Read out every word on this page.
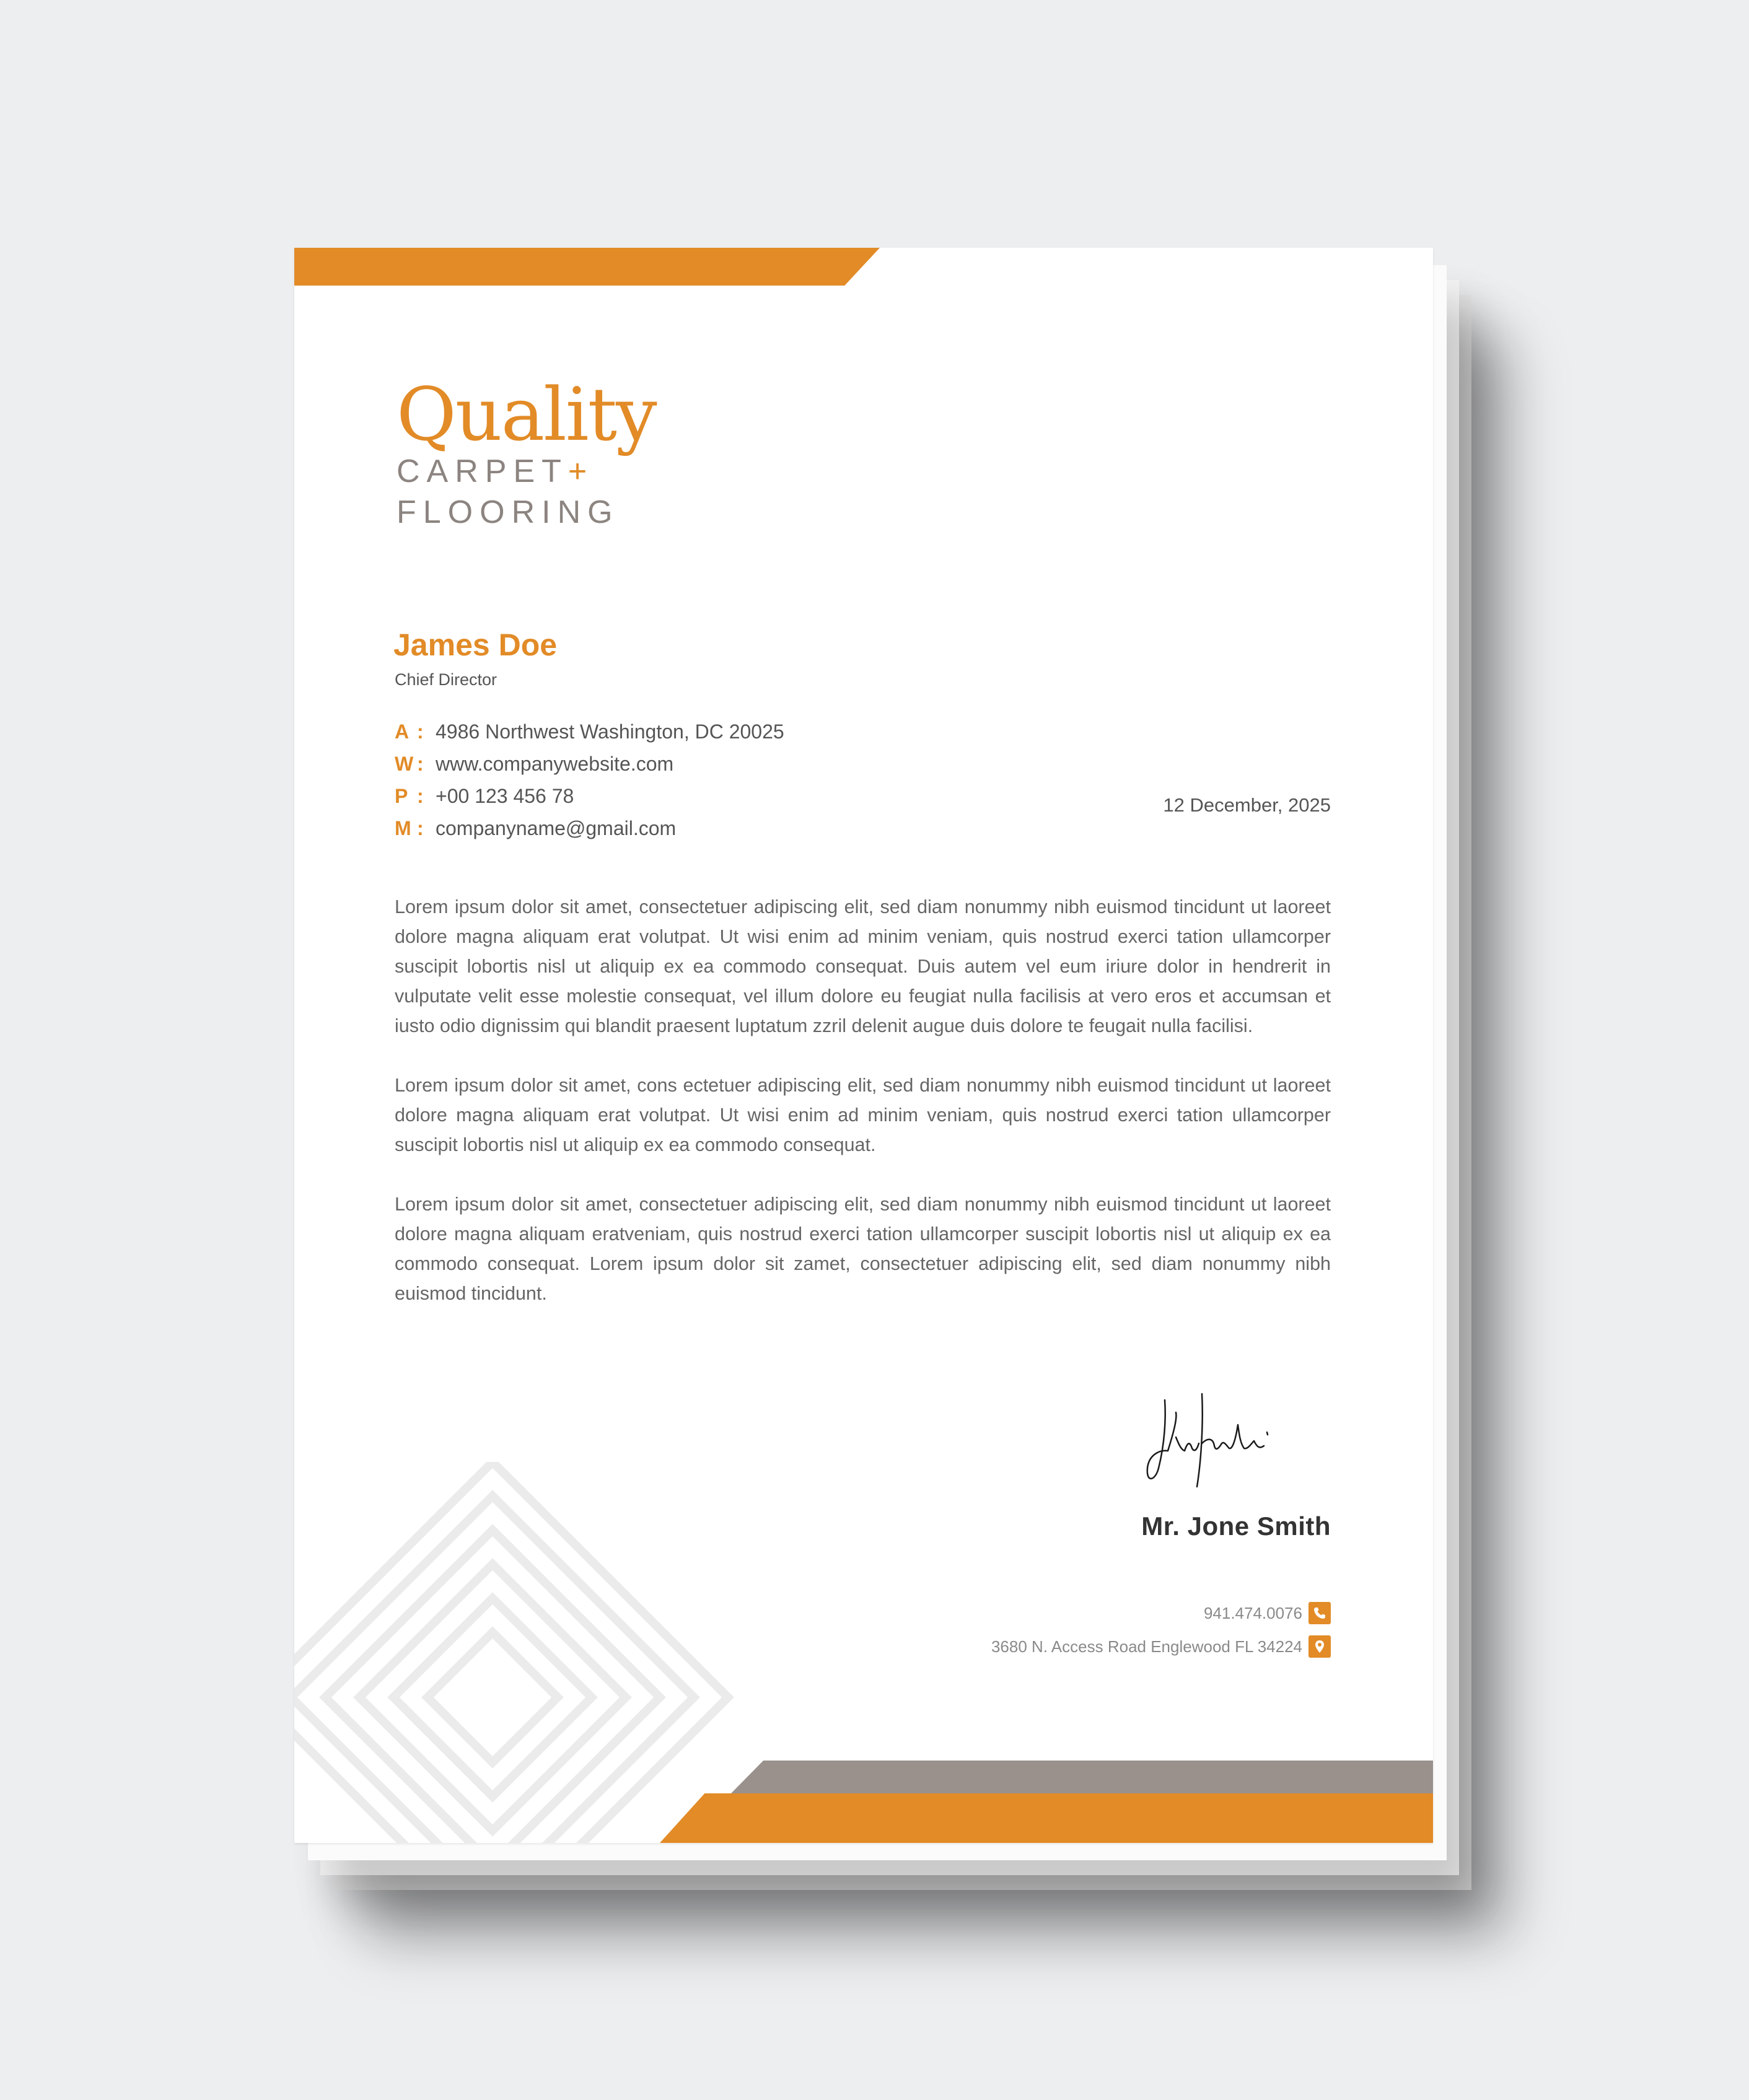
Quality
CARPET+
FLOORING
James Doe
Chief Director
A : 4986 Northwest Washington, DC 20025
W : www.companywebsite.com
P : +00 123 456 78
M : companyname@gmail.com
12 December, 2025

Lorem ipsum dolor sit amet, consectetuer adipiscing elit, sed diam nonummy nibh euismod tincidunt ut laoreet dolore magna aliquam erat volutpat. Ut wisi enim ad minim veniam, quis nostrud exerci tation ullamcorper suscipit lobortis nisl ut aliquip ex ea commodo consequat. Duis autem vel eum iriure dolor in hendrerit in vulputate velit esse molestie consequat, vel illum dolore eu feugiat nulla facilisis at vero eros et accumsan et iusto odio dignissim qui blandit praesent luptatum zzril delenit augue duis dolore te feugait nulla facilisi.

Lorem ipsum dolor sit amet, cons ectetuer adipiscing elit, sed diam nonummy nibh euismod tincidunt ut laoreet dolore magna aliquam erat volutpat. Ut wisi enim ad minim veniam, quis nostrud exerci tation ullamcorper suscipit lobortis nisl ut aliquip ex ea commodo consequat.

Lorem ipsum dolor sit amet, consectetuer adipiscing elit, sed diam nonummy nibh euismod tincidunt ut laoreet dolore magna aliquam eratveniam, quis nostrud exerci tation ullamcorper suscipit lobortis nisl ut aliquip ex ea commodo consequat. Lorem ipsum dolor sit zamet, consectetuer adipiscing elit, sed diam nonummy nibh euismod tincidunt.

Mr. Jone Smith
941.474.0076
3680 N. Access Road Englewood FL 34224
